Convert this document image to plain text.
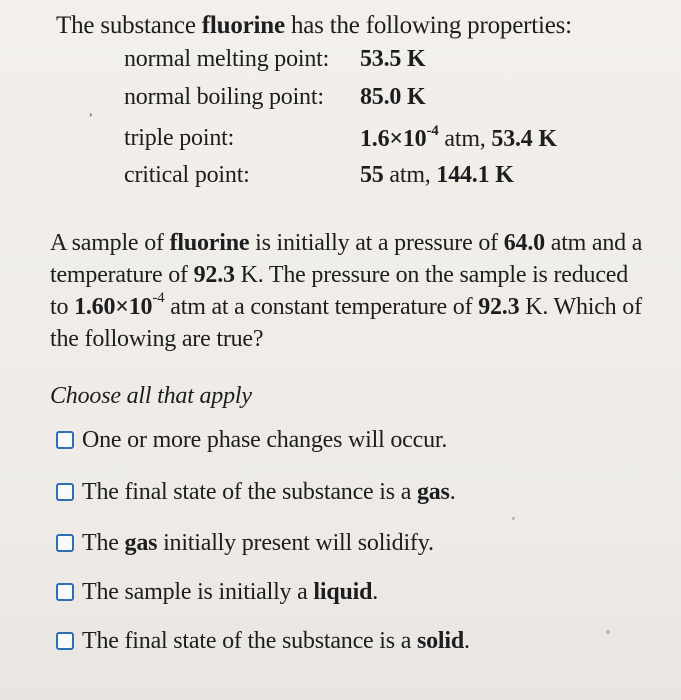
The substance fluorine has the following properties:
normal melting point: 53.5 K
,
normal boiling point: 85.0 K
triple point:	$1.6\times 10^{-4}$ atm, 53.4 K
critical point:	55 atm, 144.1 K
A sample of fluorine is initially at a pressure of 64.0 atm and a temperature of 92.3 K. The pressure on the sample is reduced to $1.60\times 10^{-4}$ atm at a constant temperature of 92.3 K. Which of the following are true?
Choose all that apply
One or more phase changes will occur.
The final state of the substance is a gas.
The gas initially present will solidify.
The sample is initially a liquid.
The final state of the substance is a solid.
